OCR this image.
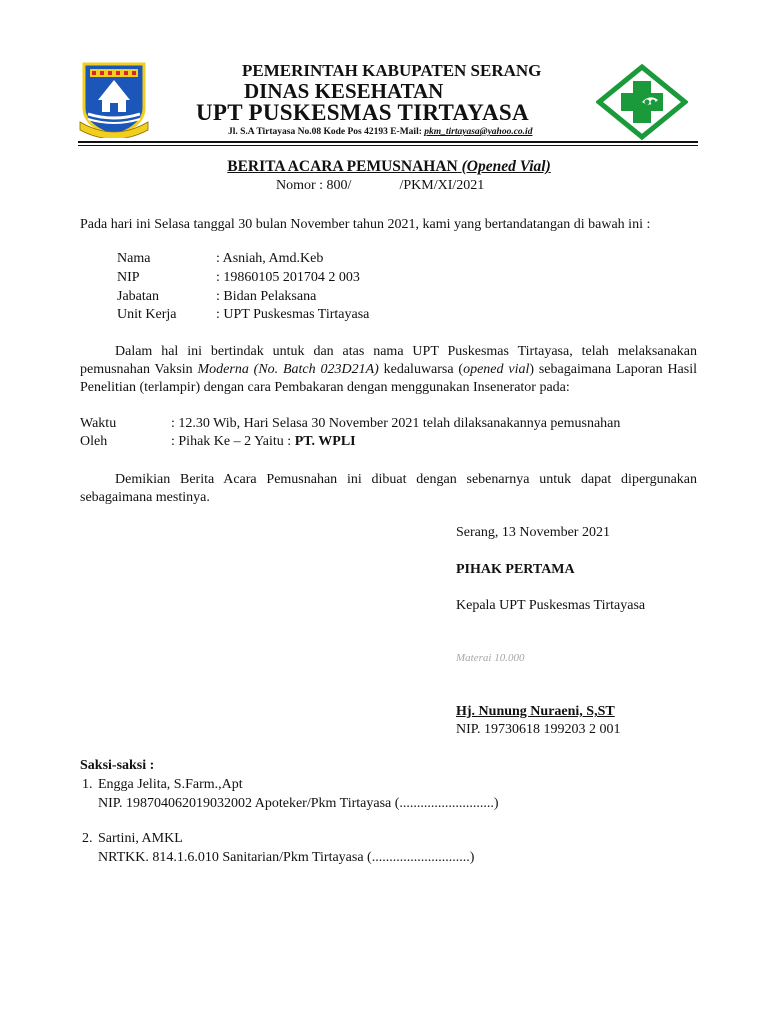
PEMERINTAH KABUPATEN SERANG
DINAS KESEHATAN
UPT PUSKESMAS TIRTAYASA
Jl. S.A Tirtayasa No.08 Kode Pos 42193 E-Mail: pkm_tirtayasa@yahoo.co.id
BERITA ACARA PEMUSNAHAN (Opened Vial)
Nomor : 800/	/PKM/XI/2021
Pada hari ini Selasa tanggal 30 bulan November tahun 2021, kami yang bertandatangan di bawah ini :
Nama	: Asniah, Amd.Keb
NIP	: 19860105 201704 2 003
Jabatan	: Bidan Pelaksana
Unit Kerja	: UPT Puskesmas Tirtayasa
Dalam hal ini bertindak untuk dan atas nama UPT Puskesmas Tirtayasa, telah melaksanakan pemusnahan Vaksin Moderna (No. Batch 023D21A) kedaluwarsa (opened vial) sebagaimana Laporan Hasil Penelitian (terlampir) dengan cara Pembakaran dengan menggunakan Insenerator pada:
Waktu	: 12.30 Wib, Hari Selasa 30 November 2021 telah dilaksanakannya pemusnahan
Oleh	: Pihak Ke – 2 Yaitu : PT. WPLI
Demikian Berita Acara Pemusnahan ini dibuat dengan sebenarnya untuk dapat dipergunakan sebagaimana mestinya.
Serang, 13 November 2021
PIHAK PERTAMA
Kepala UPT Puskesmas Tirtayasa
Materai 10.000
Hj. Nunung Nuraeni, S,ST
NIP. 19730618 199203 2 001
Saksi-saksi :
1. Engga Jelita, S.Farm.,Apt
NIP. 198704062019032002 Apoteker/Pkm Tirtayasa (...........................)
2. Sartini, AMKL
NRTKK. 814.1.6.010 Sanitarian/Pkm Tirtayasa (............................)
